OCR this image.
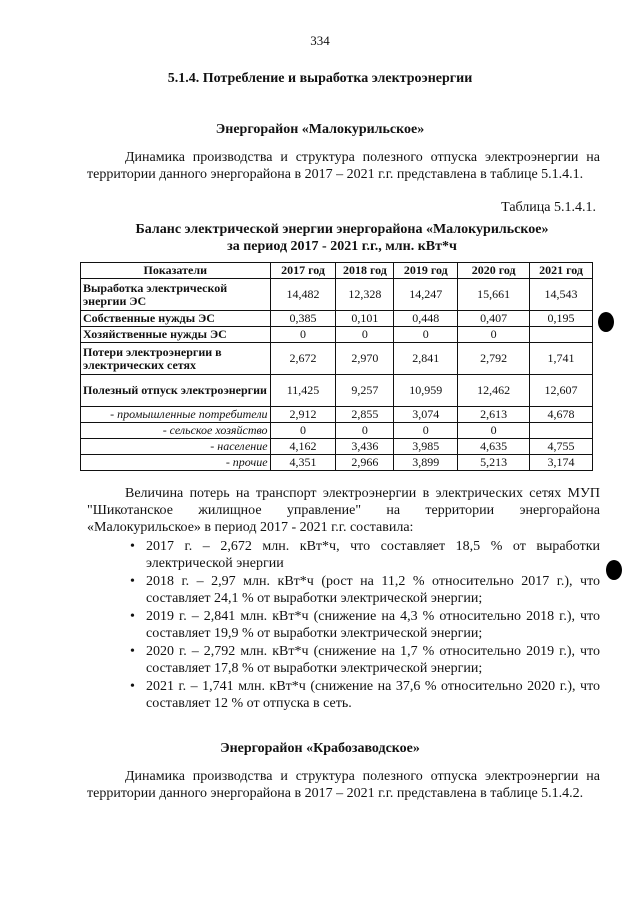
334
5.1.4. Потребление и выработка электроэнергии
Энергорайон «Малокурильское»
Динамика производства и структура полезного отпуска электроэнергии на территории данного энергорайона в 2017 – 2021 г.г. представлена в таблице 5.1.4.1.
Таблица 5.1.4.1.
Баланс электрической энергии энергорайона «Малокурильское»
за период 2017 - 2021 г.г., млн. кВт*ч
Показатели	2017 год	2018 год	2019 год	2020 год	2021 год
Выработка электрической энергии ЭС	14,482	12,328	14,247	15,661	14,543
Собственные нужды ЭС	0,385	0,101	0,448	0,407	0,195
Хозяйственные нужды ЭС	0	0	0	0	
Потери электроэнергии в электрических сетях	2,672	2,970	2,841	2,792	1,741
Полезный отпуск электроэнергии	11,425	9,257	10,959	12,462	12,607
- промышленные потребители	2,912	2,855	3,074	2,613	4,678
- сельское хозяйство	0	0	0	0	
- население	4,162	3,436	3,985	4,635	4,755
- прочие	4,351	2,966	3,899	5,213	3,174
Величина потерь на транспорт электроэнергии в электрических сетях МУП "Шикотанское жилищное управление" на территории энергорайона «Малокурильское» в период 2017 - 2021 г.г. составила:
• 2017 г. – 2,672 млн. кВт*ч, что составляет 18,5 % от выработки электрической энергии
• 2018 г. – 2,97 млн. кВт*ч (рост на 11,2 % относительно 2017 г.), что составляет 24,1 % от выработки электрической энергии;
• 2019 г. – 2,841 млн. кВт*ч (снижение на 4,3 % относительно 2018 г.), что составляет 19,9 % от выработки электрической энергии;
• 2020 г. – 2,792 млн. кВт*ч (снижение на 1,7 % относительно 2019 г.), что составляет 17,8 % от выработки электрической энергии;
• 2021 г. – 1,741 млн. кВт*ч (снижение на 37,6 % относительно 2020 г.), что составляет 12 % от отпуска в сеть.
Энергорайон «Крабозаводское»
Динамика производства и структура полезного отпуска электроэнергии на территории данного энергорайона в 2017 – 2021 г.г. представлена в таблице 5.1.4.2.
